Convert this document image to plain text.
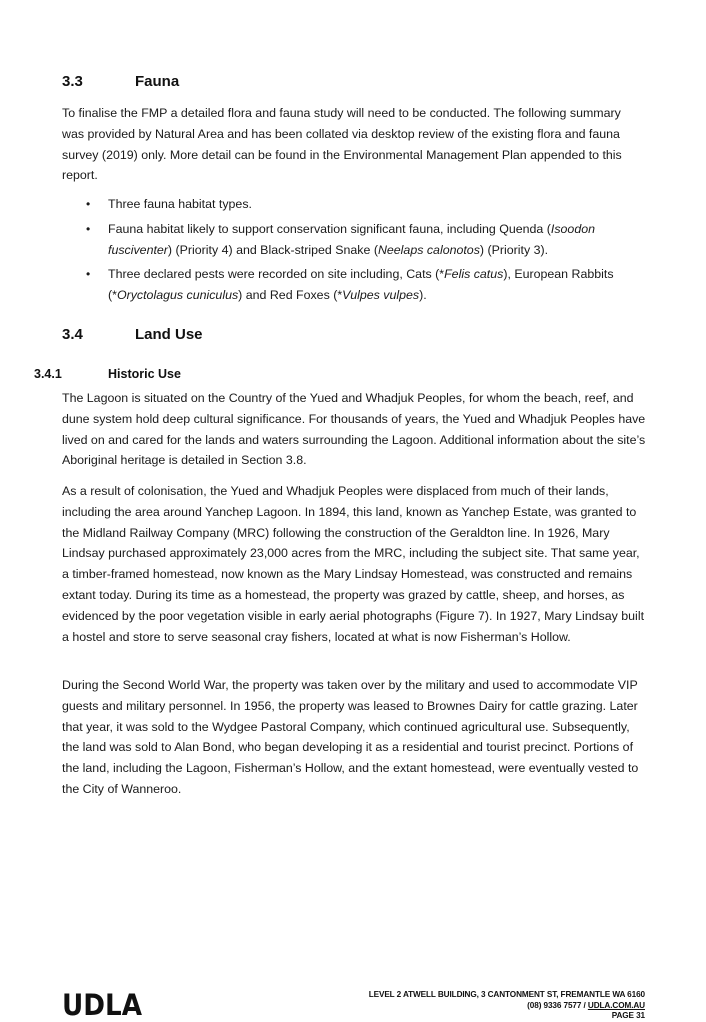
3.3	Fauna

To finalise the FMP a detailed flora and fauna study will need to be conducted. The following summary was provided by Natural Area and has been collated via desktop review of the existing flora and fauna survey (2019) only. More detail can be found in the Environmental Management Plan appended to this report.

• Three fauna habitat types.
• Fauna habitat likely to support conservation significant fauna, including Quenda (Isoodon fusciventer) (Priority 4) and Black-striped Snake (Neelaps calonotos) (Priority 3).
• Three declared pests were recorded on site including, Cats (*Felis catus), European Rabbits (*Oryctolagus cuniculus) and Red Foxes (*Vulpes vulpes).
3.4	Land Use
3.4.1	Historic Use

The Lagoon is situated on the Country of the Yued and Whadjuk Peoples, for whom the beach, reef, and dune system hold deep cultural significance. For thousands of years, the Yued and Whadjuk Peoples have lived on and cared for the lands and waters surrounding the Lagoon. Additional information about the site’s Aboriginal heritage is detailed in Section 3.8.

As a result of colonisation, the Yued and Whadjuk Peoples were displaced from much of their lands, including the area around Yanchep Lagoon. In 1894, this land, known as Yanchep Estate, was granted to the Midland Railway Company (MRC) following the construction of the Geraldton line. In 1926, Mary Lindsay purchased approximately 23,000 acres from the MRC, including the subject site. That same year, a timber-framed homestead, now known as the Mary Lindsay Homestead, was constructed and remains extant today. During its time as a homestead, the property was grazed by cattle, sheep, and horses, as evidenced by the poor vegetation visible in early aerial photographs (Figure 7). In 1927, Mary Lindsay built a hostel and store to serve seasonal cray fishers, located at what is now Fisherman’s Hollow.

During the Second World War, the property was taken over by the military and used to accommodate VIP guests and military personnel. In 1956, the property was leased to Brownes Dairy for cattle grazing. Later that year, it was sold to the Wydgee Pastoral Company, which continued agricultural use. Subsequently, the land was sold to Alan Bond, who began developing it as a residential and tourist precinct. Portions of the land, including the Lagoon, Fisherman’s Hollow, and the extant homestead, were eventually vested to the City of Wanneroo.

UDLA	LEVEL 2 ATWELL BUILDING, 3 CANTONMENT ST, FREMANTLE WA 6160
(08) 9336 7577 / UDLA.COM.AU
PAGE 31
